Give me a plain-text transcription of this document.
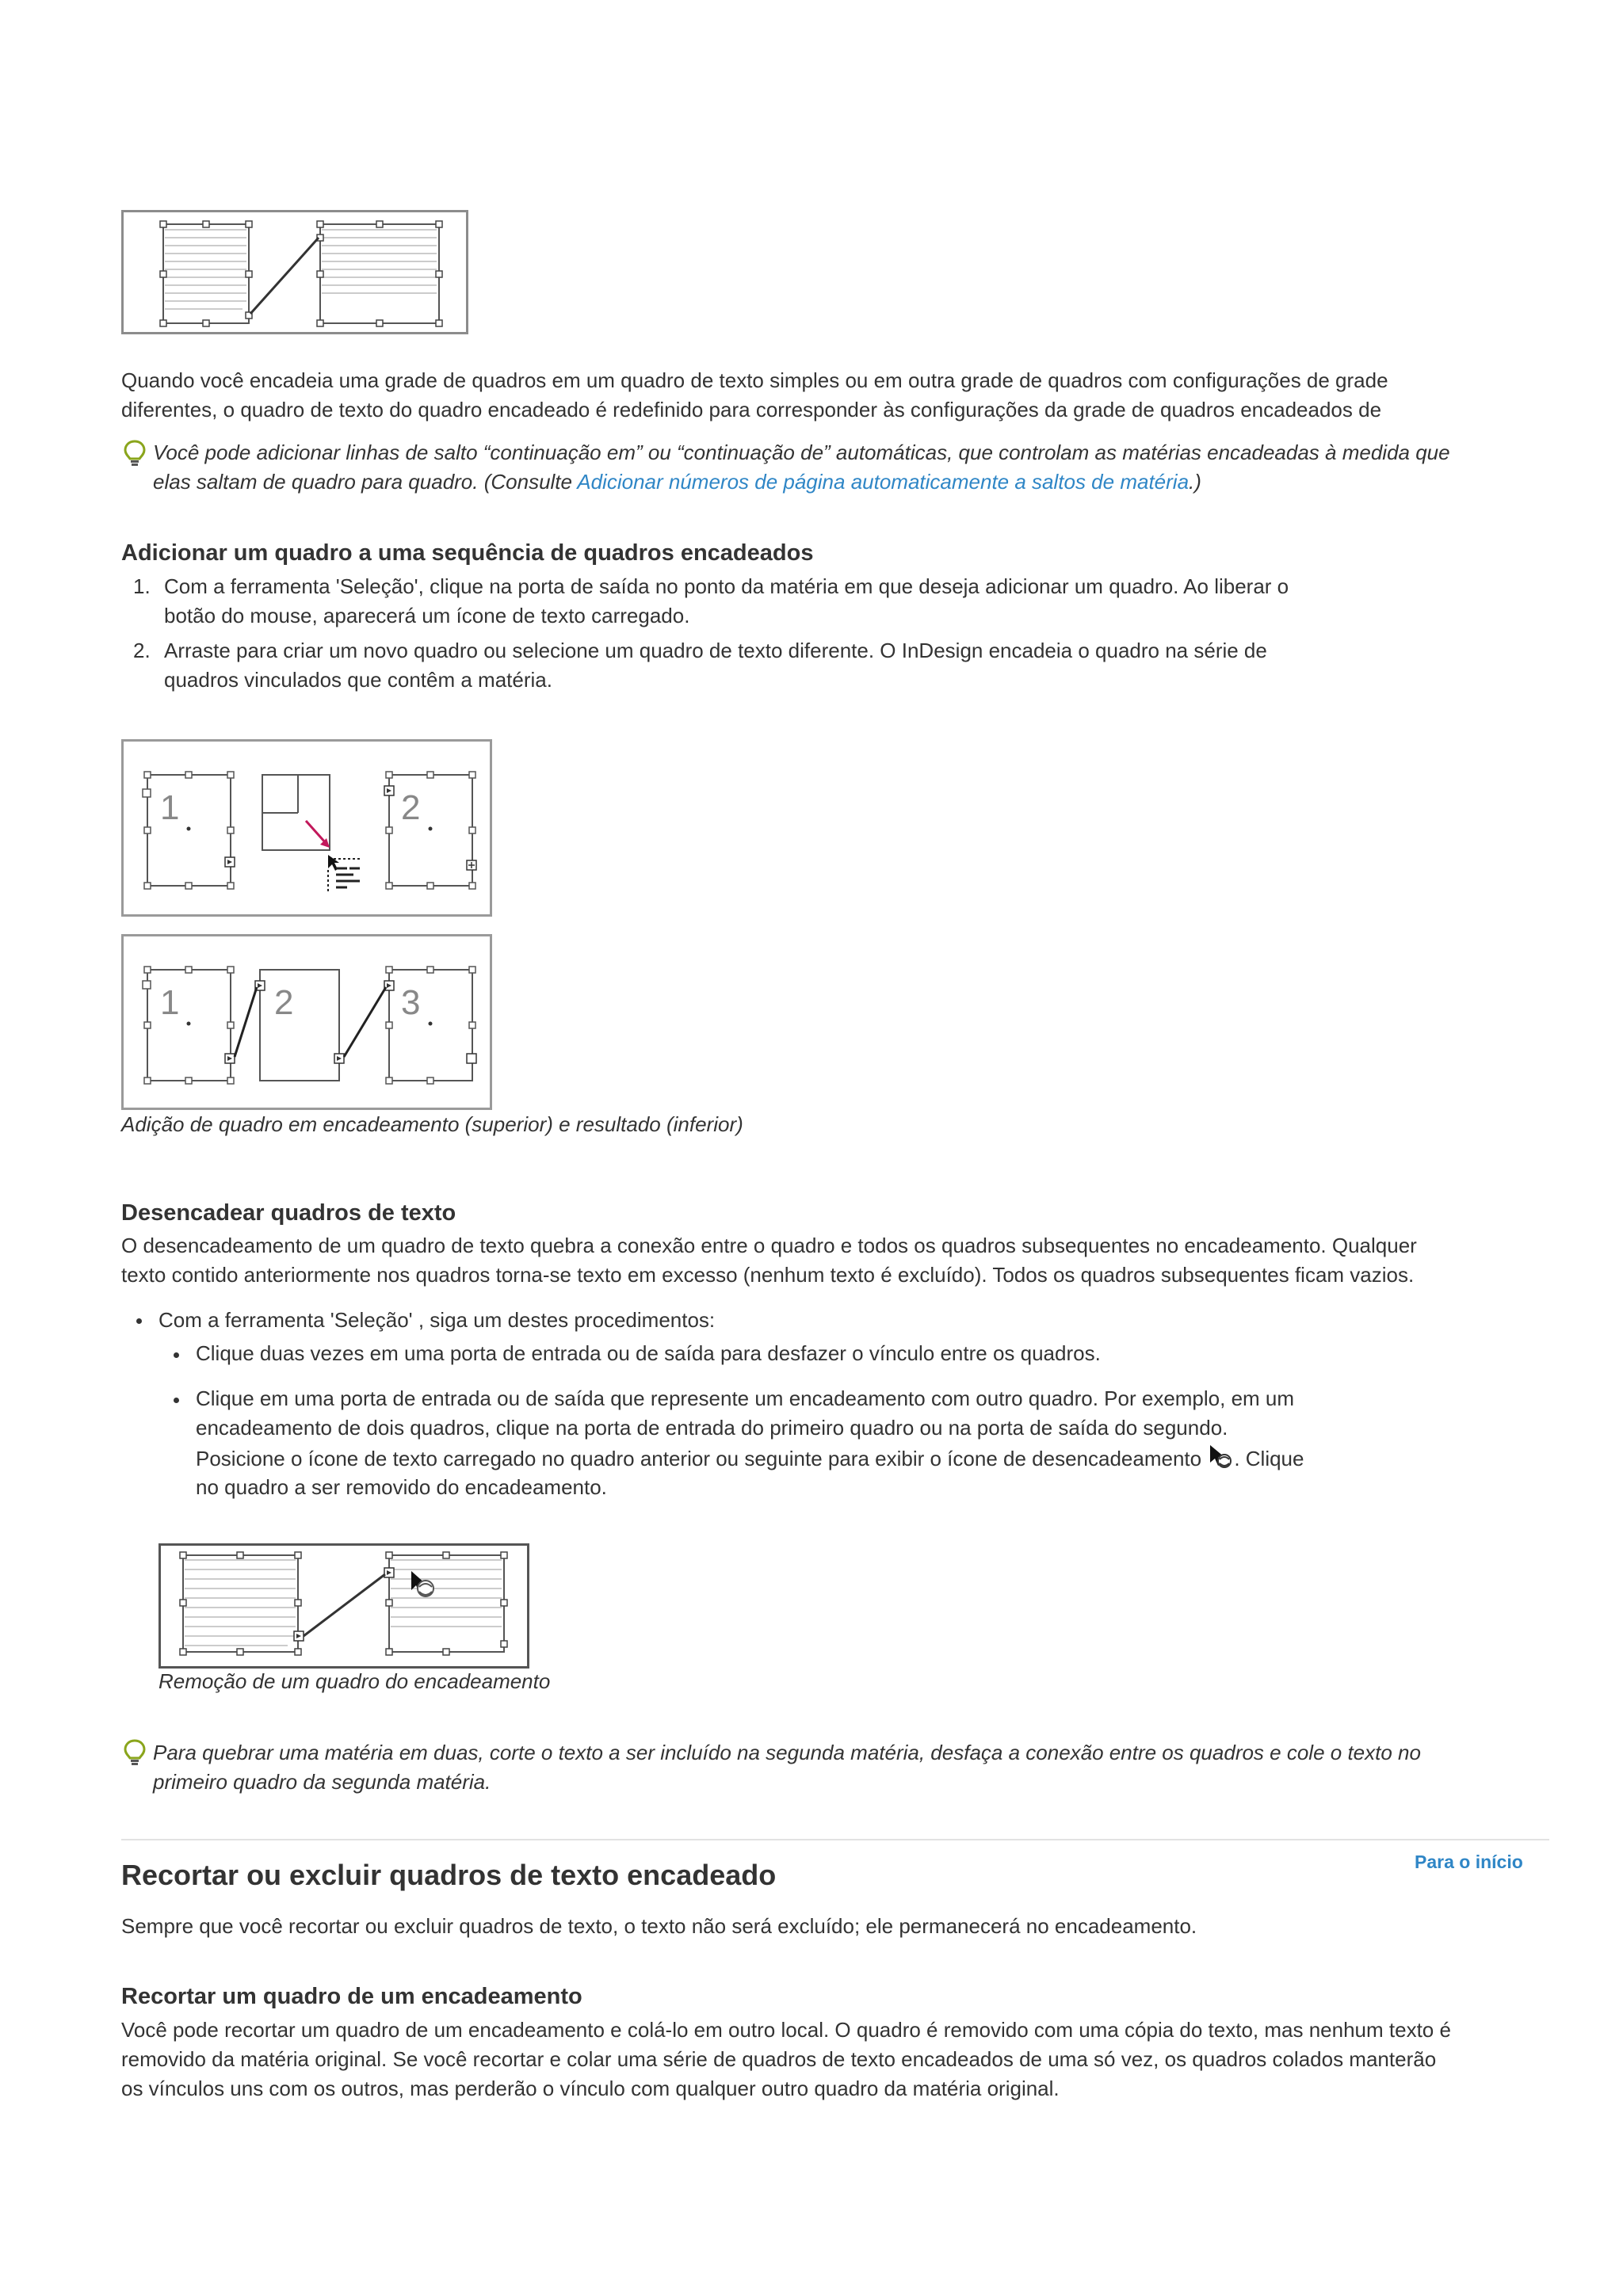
Quando você encadeia uma grade de quadros em um quadro de texto simples ou em outra grade de quadros com configurações de grade

diferentes, o quadro de texto do quadro encadeado é redefinido para corresponder às configurações da grade de quadros encadeados de

Você pode adicionar linhas de salto “continuação em” ou “continuação de” automáticas, que controlam as matérias encadeadas à medida que

elas saltam de quadro para quadro. (Consulte Adicionar números de página automaticamente a saltos de matéria.)

Adicionar um quadro a uma sequência de quadros encadeados
1. Com a ferramenta 'Seleção', clique na porta de saída no ponto da matéria em que deseja adicionar um quadro. Ao liberar o

botão do mouse, aparecerá um ícone de texto carregado.

2. Arraste para criar um novo quadro ou selecione um quadro de texto diferente. O InDesign encadeia o quadro na série de

quadros vinculados que contêm a matéria.

1	2
1	2	3

Adição de quadro em encadeamento (superior) e resultado (inferior)

Desencadear quadros de texto

O desencadeamento de um quadro de texto quebra a conexão entre o quadro e todos os quadros subsequentes no encadeamento. Qualquer

texto contido anteriormente nos quadros torna-se texto em excesso (nenhum texto é excluído). Todos os quadros subsequentes ficam vazios.

Com a ferramenta 'Seleção' , siga um destes procedimentos:

Clique duas vezes em uma porta de entrada ou de saída para desfazer o vínculo entre os quadros.

Clique em uma porta de entrada ou de saída que represente um encadeamento com outro quadro. Por exemplo, em um

encadeamento de dois quadros, clique na porta de entrada do primeiro quadro ou na porta de saída do segundo.

Posicione o ícone de texto carregado no quadro anterior ou seguinte para exibir o ícone de desencadeamento . Clique

no quadro a ser removido do encadeamento.

Remoção de um quadro do encadeamento

Para quebrar uma matéria em duas, corte o texto a ser incluído na segunda matéria, desfaça a conexão entre os quadros e cole o texto no

primeiro quadro da segunda matéria.

Para o início
Recortar ou excluir quadros de texto encadeado

Sempre que você recortar ou excluir quadros de texto, o texto não será excluído; ele permanecerá no encadeamento.

Recortar um quadro de um encadeamento

Você pode recortar um quadro de um encadeamento e colá-lo em outro local. O quadro é removido com uma cópia do texto, mas nenhum texto é

removido da matéria original. Se você recortar e colar uma série de quadros de texto encadeados de uma só vez, os quadros colados manterão

os vínculos uns com os outros, mas perderão o vínculo com qualquer outro quadro da matéria original.
